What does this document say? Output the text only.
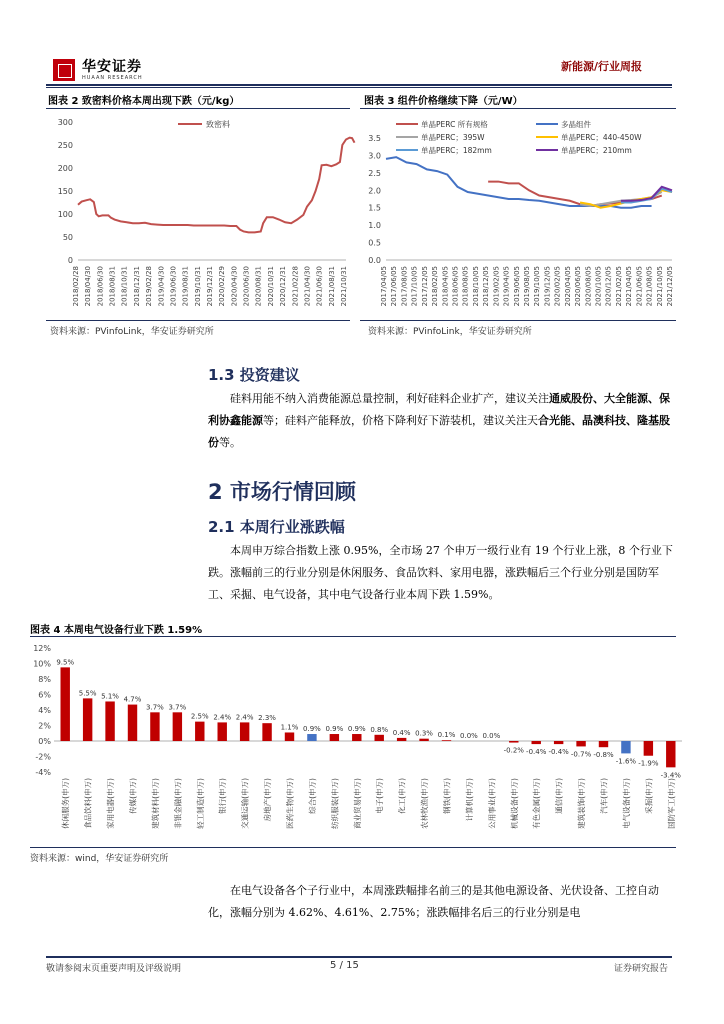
华安证券
HUAAN RESEARCH
新能源/行业周报
图表 2 致密料价格本周出现下跌（元/kg）
0
50
100
150
200
250
300
2018/02/28 2018/04/30 2018/06/30 2018/08/31 2018/10/31 2018/12/31 2019/02/28 2019/04/30 2019/06/30 2019/08/31 2019/10/31 2019/12/31 2020/02/29 2020/04/30 2020/06/30 2020/08/31 2020/10/31 2020/12/31 2021/02/28 2021/04/30 2021/06/30 2021/08/31 2021/10/31
致密料
资料来源：PVinfoLink，华安证券研究所
图表 3 组件价格继续下降（元/W）
0.0
0.5
1.0
1.5
2.0
2.5
3.0
3.5
2017/04/05 2017/06/05 2017/08/05 2017/10/05 2017/12/05 2018/02/05 2018/04/05 2018/06/05 2018/08/05 2018/10/05 2018/12/05 2019/02/05 2019/04/05 2019/06/05 2019/08/05 2019/10/05 2019/12/05 2020/02/05 2020/04/05 2020/06/05 2020/08/05 2020/10/05 2020/12/05 2021/02/05 2021/04/05 2021/06/05 2021/08/05 2021/10/05 2021/12/05
单晶PERC 所有规格	多晶组件
单晶PERC；395W	单晶PERC；440-450W
单晶PERC；182mm	单晶PERC；210mm
资料来源：PVinfoLink，华安证券研究所
1.3 投资建议
硅料用能不纳入消费能源总量控制，利好硅料企业扩产，建议关注通威股份、大全能源、保利协鑫能源等；硅料产能释放，价格下降利好下游装机，建议关注天合光能、晶澳科技、隆基股份等。
2 市场行情回顾
2.1 本周行业涨跌幅
本周申万综合指数上涨 0.95%，全市场 27 个申万一级行业有 19 个行业上涨，8 个行业下跌。涨幅前三的行业分别是休闲服务、食品饮料、家用电器，涨跌幅后三个行业分别是国防军工、采掘、电气设备，其中电气设备行业本周下跌 1.59%。
图表 4 本周电气设备行业下跌 1.59%
-4%
-2%
0%
2%
4%
6%
8%
10%
12%
9.5%
休闲服务(申万)
5.5%
食品饮料(申万)
5.1%
家用电器(申万)
4.7%
传媒(申万)
3.7%
建筑材料(申万)
3.7%
非银金融(申万)
2.5%
轻工制造(申万)
2.4%
银行(申万)
2.4%
交通运输(申万)
2.3%
房地产(申万)
1.1%
医药生物(申万)
0.9%
综合(申万)
0.9%
纺织服装(申万)
0.9%
商业贸易(申万)
0.8%
电子(申万)
0.4%
化工(申万)
0.3%
农林牧渔(申万)
0.1%
钢铁(申万)
0.0%
计算机(申万)
0.0%
公用事业(申万)
-0.2%
机械设备(申万)
-0.4%
有色金属(申万)
-0.4%
通信(申万)
-0.7%
建筑装饰(申万)
-0.8%
汽车(申万)
-1.6%
电气设备(申万)
-1.9%
采掘(申万)
-3.4%
国防军工(申万)
资料来源：wind，华安证券研究所
在电气设备各个子行业中，本周涨跌幅排名前三的是其他电源设备、光伏设备、工控自动化，涨幅分别为 4.62%、4.61%、2.75%；涨跌幅排名后三的行业分别是电
敬请参阅末页重要声明及评级说明	5 / 15	证券研究报告
